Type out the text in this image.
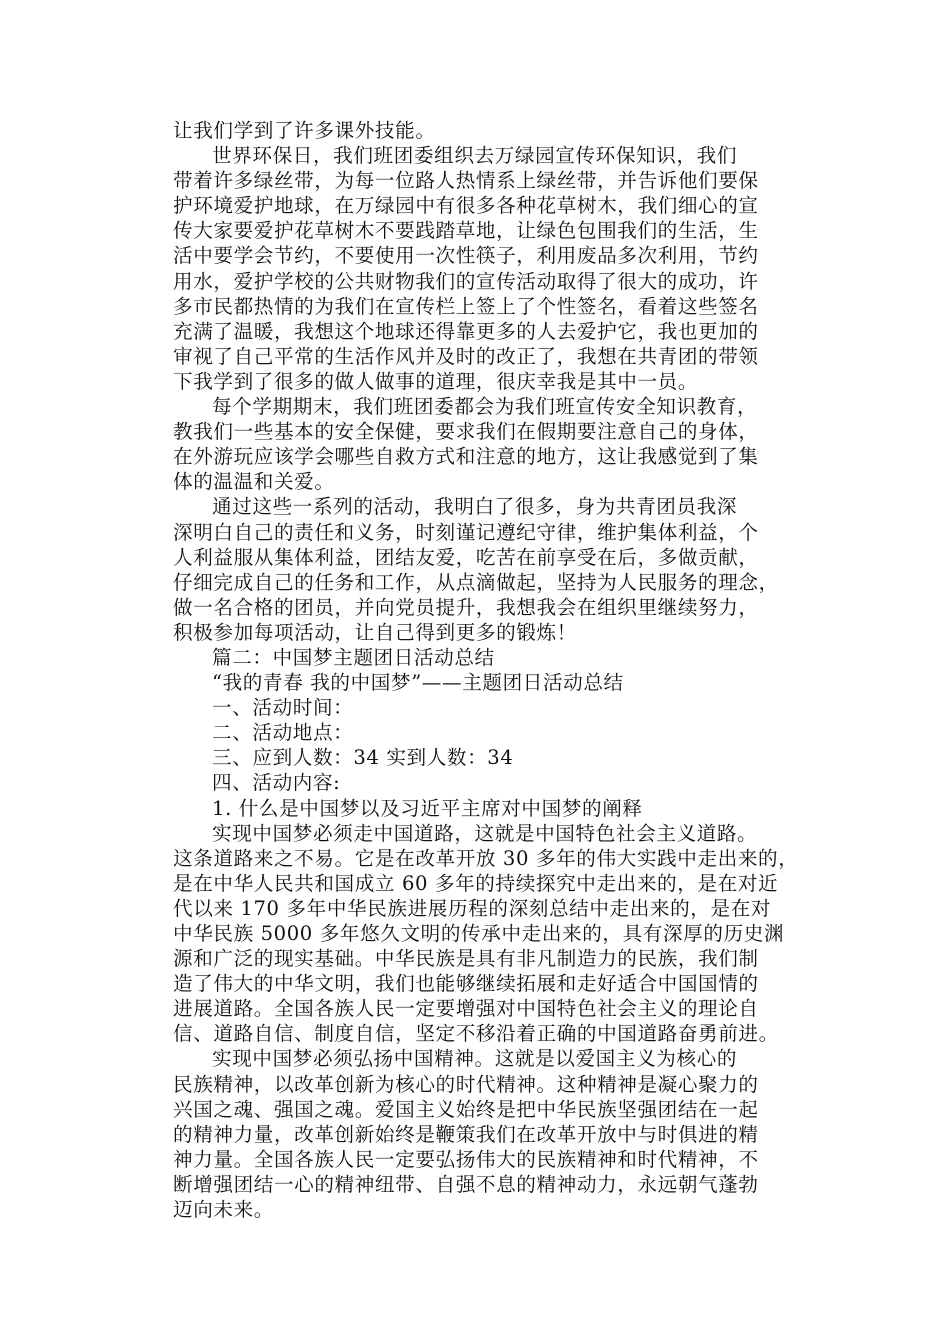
让我们学到了许多课外技能。
世界环保日，我们班团委组织去万绿园宣传环保知识，我们
带着许多绿丝带，为每一位路人热情系上绿丝带，并告诉他们要保
护环境爱护地球，在万绿园中有很多各种花草树木，我们细心的宣
传大家要爱护花草树木不要践踏草地，让绿色包围我们的生活，生
活中要学会节约，不要使用一次性筷子，利用废品多次利用，节约
用水，爱护学校的公共财物我们的宣传活动取得了很大的成功，许
多市民都热情的为我们在宣传栏上签上了个性签名，看着这些签名
充满了温暖，我想这个地球还得靠更多的人去爱护它，我也更加的
审视了自己平常的生活作风并及时的改正了，我想在共青团的带领
下我学到了很多的做人做事的道理，很庆幸我是其中一员。
每个学期期末，我们班团委都会为我们班宣传安全知识教育，
教我们一些基本的安全保健，要求我们在假期要注意自己的身体，
在外游玩应该学会哪些自救方式和注意的地方，这让我感觉到了集
体的温温和关爱。
通过这些一系列的活动，我明白了很多，身为共青团员我深
深明白自己的责任和义务，时刻谨记遵纪守律，维护集体利益，个
人利益服从集体利益，团结友爱，吃苦在前享受在后，多做贡献，
仔细完成自己的任务和工作，从点滴做起，坚持为人民服务的理念，
做一名合格的团员，并向党员提升，我想我会在组织里继续努力，
积极参加每项活动，让自己得到更多的锻炼！
篇二：中国梦主题团日活动总结
“我的青春 我的中国梦”——主题团日活动总结
一、活动时间：
二、活动地点：
三、应到人数：34 实到人数：34
四、活动内容:
1. 什么是中国梦以及习近平主席对中国梦的阐释
实现中国梦必须走中国道路，这就是中国特色社会主义道路。
这条道路来之不易。它是在改革开放 30 多年的伟大实践中走出来的，
是在中华人民共和国成立 60 多年的持续探究中走出来的，是在对近
代以来 170 多年中华民族进展历程的深刻总结中走出来的，是在对
中华民族 5000 多年悠久文明的传承中走出来的，具有深厚的历史渊
源和广泛的现实基础。中华民族是具有非凡制造力的民族，我们制
造了伟大的中华文明，我们也能够继续拓展和走好适合中国国情的
进展道路。全国各族人民一定要增强对中国特色社会主义的理论自
信、道路自信、制度自信，坚定不移沿着正确的中国道路奋勇前进。
实现中国梦必须弘扬中国精神。这就是以爱国主义为核心的
民族精神，以改革创新为核心的时代精神。这种精神是凝心聚力的
兴国之魂、强国之魂。爱国主义始终是把中华民族坚强团结在一起
的精神力量，改革创新始终是鞭策我们在改革开放中与时俱进的精
神力量。全国各族人民一定要弘扬伟大的民族精神和时代精神，不
断增强团结一心的精神纽带、自强不息的精神动力，永远朝气蓬勃
迈向未来。
